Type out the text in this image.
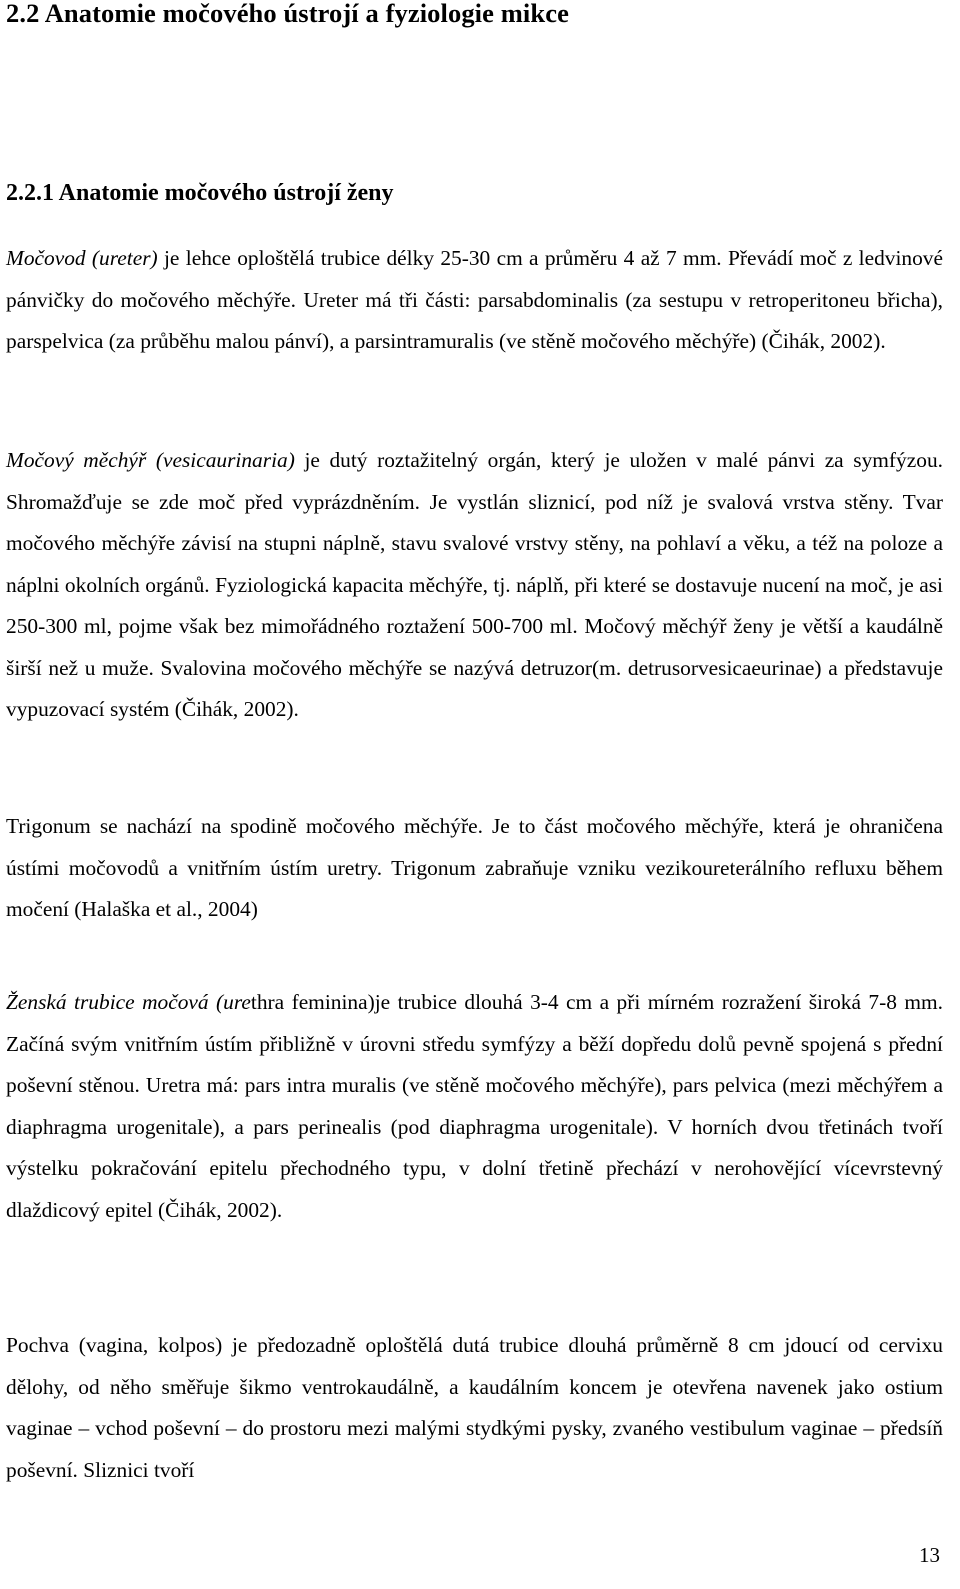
2.2 Anatomie močového ústrojí a fyziologie mikce
2.2.1 Anatomie močového ústrojí ženy

Močovod (ureter) je lehce oploštělá trubice délky 25-30 cm a průměru 4 až 7 mm. Převádí moč z ledvinové pánvičky do močového měchýře. Ureter má tři části: parsabdominalis (za sestupu v retroperitoneu břicha), parspelvica (za průběhu malou pánví), a parsintramuralis (ve stěně močového měchýře) (Čihák, 2002).

Močový měchýř (vesicaurinaria) je dutý roztažitelný orgán, který je uložen v malé pánvi za symfýzou. Shromažďuje se zde moč před vyprázdněním. Je vystlán sliznicí, pod níž je svalová vrstva stěny. Tvar močového měchýře závisí na stupni náplně, stavu svalové vrstvy stěny, na pohlaví a věku, a též na poloze a náplni okolních orgánů. Fyziologická kapacita měchýře, tj. náplň, při které se dostavuje nucení na moč, je asi 250-300 ml, pojme však bez mimořádného roztažení 500-700 ml. Močový měchýř ženy je větší a kaudálně širší než u muže. Svalovina močového měchýře se nazývá detruzor(m. detrusorvesicaeurinae) a představuje vypuzovací systém (Čihák, 2002).

Trigonum se nachází na spodině močového měchýře. Je to část močového měchýře, která je ohraničena ústími močovodů a vnitřním ústím uretry. Trigonum zabraňuje vzniku vezikoureterálního refluxu během močení (Halaška et al., 2004)

Ženská trubice močová (urethra feminina)je trubice dlouhá 3-4 cm a při mírném rozražení široká 7-8 mm. Začíná svým vnitřním ústím přibližně v úrovni středu symfýzy a běží dopředu dolů pevně spojená s přední poševní stěnou. Uretra má: pars intra muralis (ve stěně močového měchýře), pars pelvica (mezi měchýřem a diaphragma urogenitale), a pars perinealis (pod diaphragma urogenitale). V horních dvou třetinách tvoří výstelku pokračování epitelu přechodného typu, v dolní třetině přechází v nerohovějící vícevrstevný dlaždicový epitel (Čihák, 2002).

Pochva (vagina, kolpos) je předozadně oploštělá dutá trubice dlouhá průměrně 8 cm jdoucí od cervixu dělohy, od něho směřuje šikmo ventrokaudálně, a kaudálním koncem je otevřena navenek jako ostium vaginae – vchod poševní – do prostoru mezi malými stydkými pysky, zvaného vestibulum vaginae – předsíň poševní. Sliznici tvoří

13
